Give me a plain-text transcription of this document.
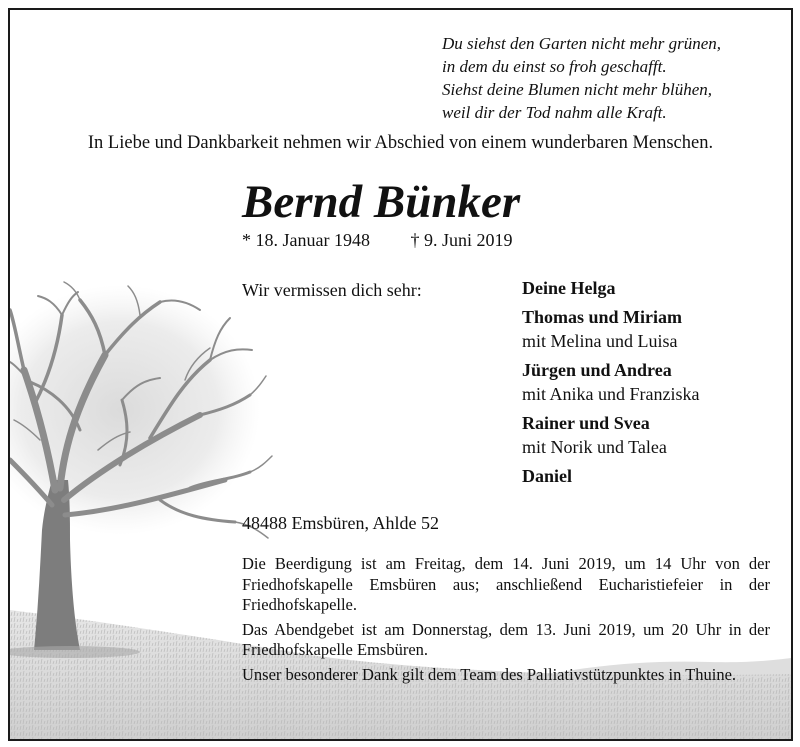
Du siehst den Garten nicht mehr grünen,
in dem du einst so froh geschafft.
Siehst deine Blumen nicht mehr blühen,
weil dir der Tod nahm alle Kraft.
In Liebe und Dankbarkeit nehmen wir Abschied von einem wunderbaren Menschen.
Bernd Bünker
* 18. Januar 1948 † 9. Juni 2019
Wir vermissen dich sehr:	Deine Helga
Thomas und Miriam
mit Melina und Luisa
Jürgen und Andrea
mit Anika und Franziska
Rainer und Svea
mit Norik und Talea
Daniel
48488 Emsbüren, Ahlde 52
Die Beerdigung ist am Freitag, dem 14. Juni 2019, um 14 Uhr von der Friedhofskapelle Emsbüren aus; anschließend Eucharistiefeier in der Friedhofskapelle.
Das Abendgebet ist am Donnerstag, dem 13. Juni 2019, um 20 Uhr in der Friedhofskapelle Emsbüren.
Unser besonderer Dank gilt dem Team des Palliativstützpunktes in Thuine.
